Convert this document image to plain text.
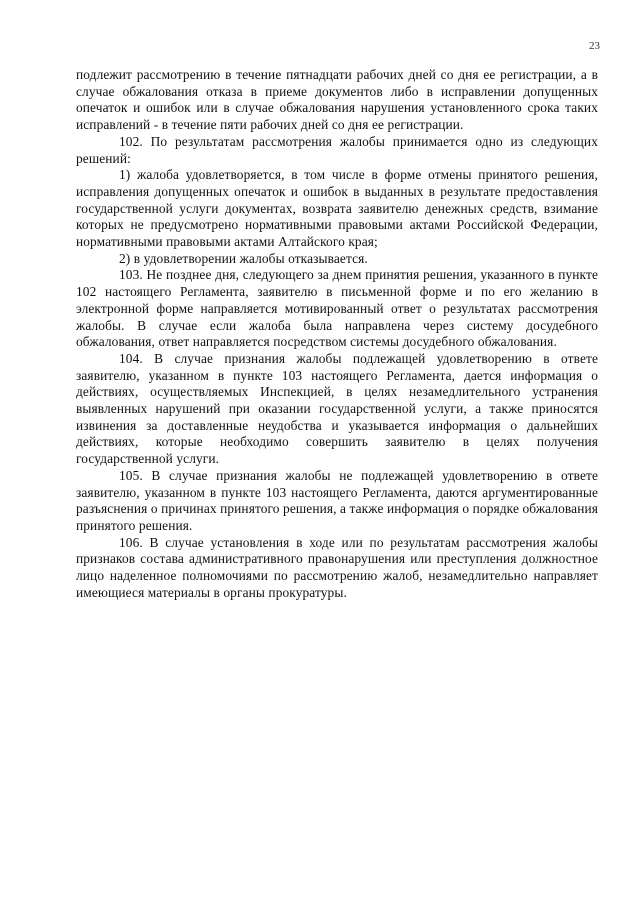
23

подлежит рассмотрению в течение пятнадцати рабочих дней со дня ее регистрации, а в случае обжалования отказа в приеме документов либо в исправлении допущенных опечаток и ошибок или в случае обжалования нарушения установленного срока таких исправлений - в течение пяти рабочих дней со дня ее регистрации.

102. По результатам рассмотрения жалобы принимается одно из следующих решений:

1) жалоба удовлетворяется, в том числе в форме отмены принятого решения, исправления допущенных опечаток и ошибок в выданных в результате предоставления государственной услуги документах, возврата заявителю денежных средств, взимание которых не предусмотрено нормативными правовыми актами Российской Федерации, нормативными правовыми актами Алтайского края;

2) в удовлетворении жалобы отказывается.

103. Не позднее дня, следующего за днем принятия решения, указанного в пункте 102 настоящего Регламента, заявителю в письменной форме и по его желанию в электронной форме направляется мотивированный ответ о результатах рассмотрения жалобы. В случае если жалоба была направлена через систему досудебного обжалования, ответ направляется посредством системы досудебного обжалования.

104. В случае признания жалобы подлежащей удовлетворению в ответе заявителю, указанном в пункте 103 настоящего Регламента, дается информация о действиях, осуществляемых Инспекцией, в целях незамедлительного устранения выявленных нарушений при оказании государственной услуги, а также приносятся извинения за доставленные неудобства и указывается информация о дальнейших действиях, которые необходимо совершить заявителю в целях получения государственной услуги.

105. В случае признания жалобы не подлежащей удовлетворению в ответе заявителю, указанном в пункте 103 настоящего Регламента, даются аргументированные разъяснения о причинах принятого решения, а также информация о порядке обжалования принятого решения.

106. В случае установления в ходе или по результатам рассмотрения жалобы признаков состава административного правонарушения или преступления должностное лицо наделенное полномочиями по рассмотрению жалоб, незамедлительно направляет имеющиеся материалы в органы прокуратуры.
